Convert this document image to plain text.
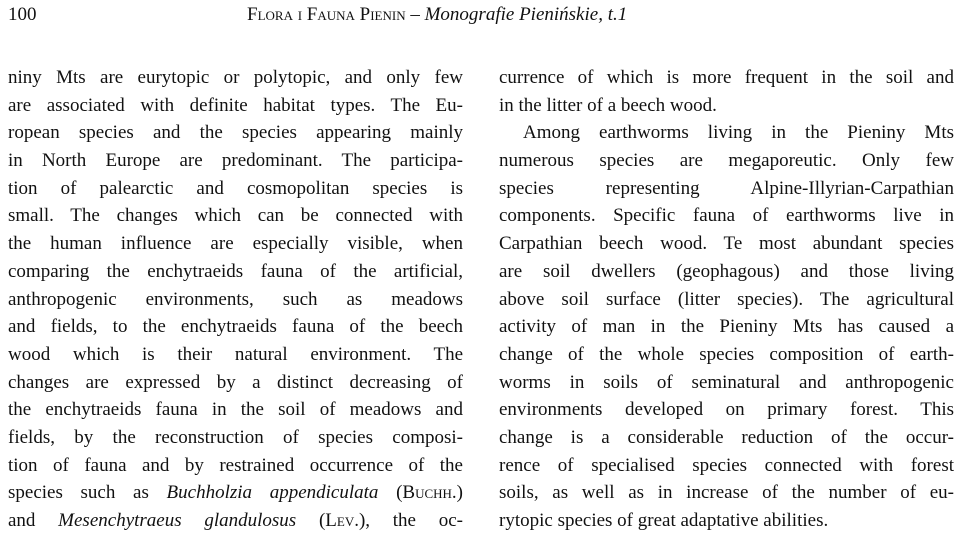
100	Flora i Fauna Pienin – Monografie Pienińskie, t.1
niny Mts are eurytopic or polytopic, and only few
are associated with definite habitat types. The Eu-
ropean species and the species appearing mainly
in North Europe are predominant. The participa-
tion of palearctic and cosmopolitan species is
small. The changes which can be connected with
the human influence are especially visible, when
comparing the enchytraeids fauna of the artificial,
anthropogenic environments, such as meadows
and fields, to the enchytraeids fauna of the beech
wood which is their natural environment. The
changes are expressed by a distinct decreasing of
the enchytraeids fauna in the soil of meadows and
fields, by the reconstruction of species composi-
tion of fauna and by restrained occurrence of the
species such as Buchholzia appendiculata (Buchh.)
and Mesenchytraeus glandulosus (Lev.), the oc-
currence of which is more frequent in the soil and
in the litter of a beech wood.
Among earthworms living in the Pieniny Mts
numerous species are megaporeutic. Only few
species representing Alpine-Illyrian-Carpathian
components. Specific fauna of earthworms live in
Carpathian beech wood. Te most abundant species
are soil dwellers (geophagous) and those living
above soil surface (litter species). The agricultural
activity of man in the Pieniny Mts has caused a
change of the whole species composition of earth-
worms in soils of seminatural and anthropogenic
environments developed on primary forest. This
change is a considerable reduction of the occur-
rence of specialised species connected with forest
soils, as well as in increase of the number of eu-
rytopic species of great adaptative abilities.
